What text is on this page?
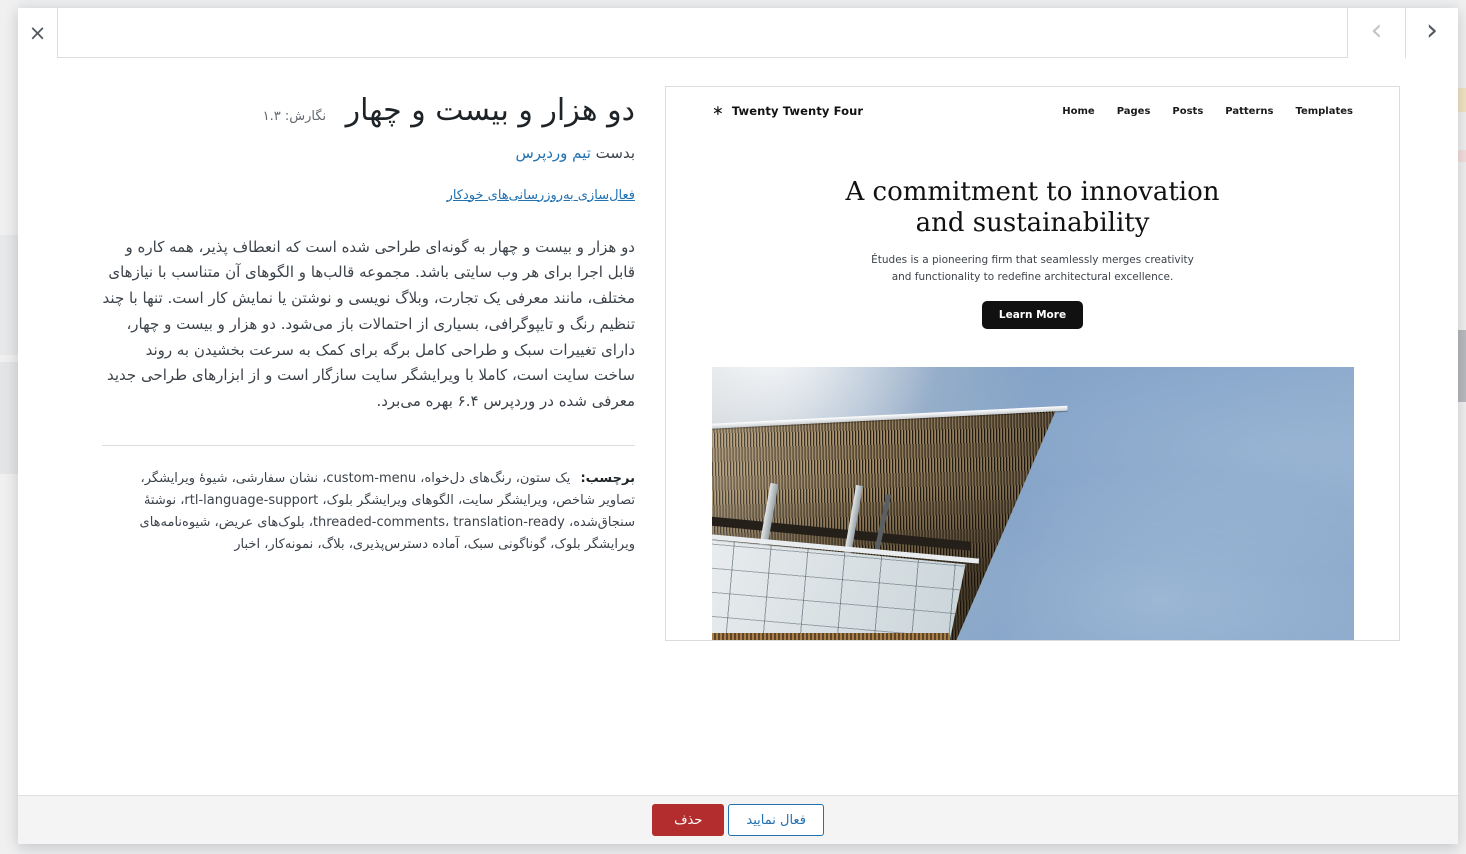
×	‹ ›
دو هزار و بیست و چهار نگارش: ۱.۳
بدست تیم وردپرس
فعال‌سازی به‌روزرسانی‌های خودکار

دو هزار و بیست و چهار به گونه‌ای طراحی شده است که انعطاف پذیر، همه کاره و قابل اجرا برای هر وب سایتی باشد. مجموعه قالب‌ها و الگوهای آن متناسب با نیازهای مختلف، مانند معرفی یک تجارت، وبلاگ نویسی و نوشتن یا نمایش کار است. تنها با چند تنظیم رنگ و تایپوگرافی، بسیاری از احتمالات باز می‌شود. دو هزار و بیست و چهار، دارای تغییرات سبک و طراحی کامل برگه برای کمک به سرعت بخشیدن به روند ساخت سایت است، کاملا با ویرایشگر سایت سازگار است و از ابزارهای طراحی جدید معرفی شده در وردپرس ۶.۴ بهره می‌برد.

برچسب: یک ستون، رنگ‌های دل‌خواه، custom-menu، نشان سفارشی، شیوهٔ ویرایشگر، تصاویر شاخص، ویرایشگر سایت، الگوهای ویرایشگر بلوک، rtl-language-support، نوشتهٔ سنجاق‌شده، threaded-comments، translation-ready، بلوک‌های عریض، شیوه‌نامه‌های ویرایشگر بلوک، گوناگونی سبک، آماده دسترس‌پذیری، بلاگ، نمونه‌کار، اخبار

∗ Twenty Twenty Four	Home Pages Posts Patterns Templates
A commitment to innovation
and sustainability

Études is a pioneering firm that seamlessly merges creativity and functionality to redefine architectural excellence.

Learn More
حذف	فعال نمایید
